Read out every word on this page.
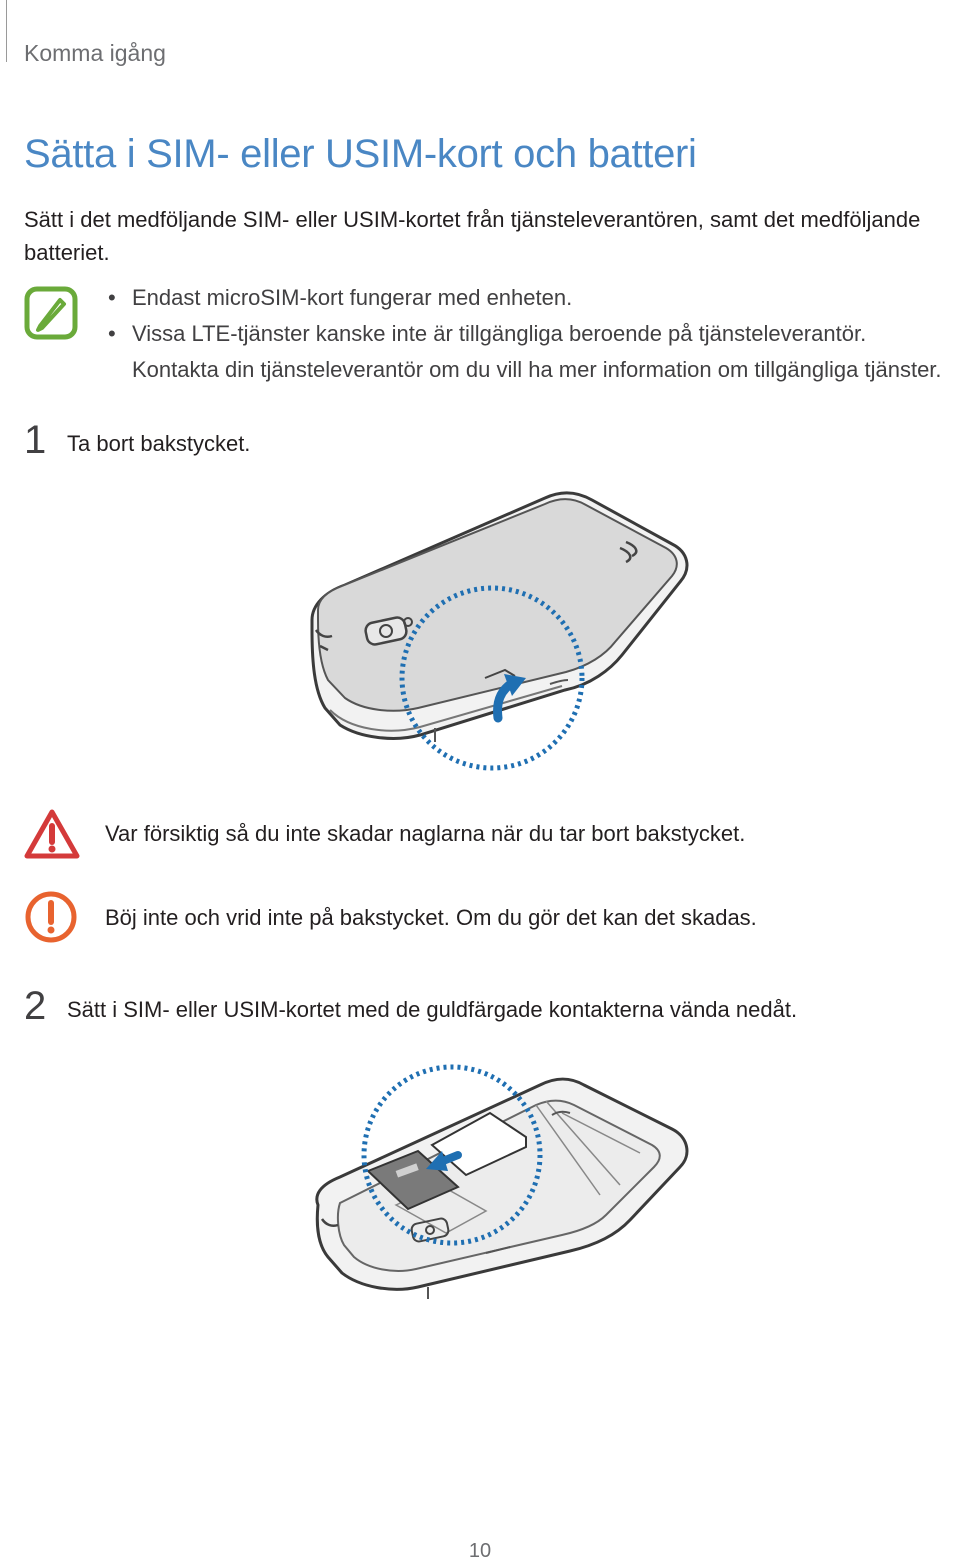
Komma igång
Sätta i SIM- eller USIM-kort och batteri

Sätt i det medföljande SIM- eller USIM-kortet från tjänsteleverantören, samt det medföljande batteriet.

• Endast microSIM-kort fungerar med enheten.
• Vissa LTE-tjänster kanske inte är tillgängliga beroende på tjänsteleverantör. Kontakta din tjänsteleverantör om du vill ha mer information om tillgängliga tjänster.
1 Ta bort bakstycket.
Var försiktig så du inte skadar naglarna när du tar bort bakstycket.
Böj inte och vrid inte på bakstycket. Om du gör det kan det skadas.
2 Sätt i SIM- eller USIM-kortet med de guldfärgade kontakterna vända nedåt.
10
